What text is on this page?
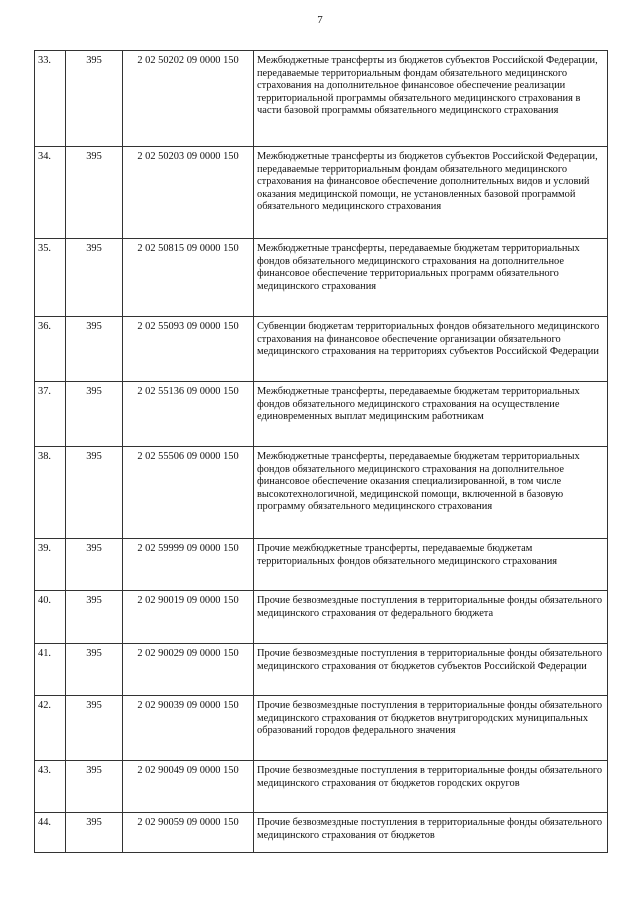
7
33.	395	2 02 50202 09 0000 150	Межбюджетные трансферты из бюджетов субъектов Российской Федерации, передаваемые территориальным фондам обязательного медицинского страхования на дополнительное финансовое обеспечение реализации территориальной программы обязательного медицинского страхования в части базовой программы обязательного медицинского страхования
34.	395	2 02 50203 09 0000 150	Межбюджетные трансферты из бюджетов субъектов Российской Федерации, передаваемые территориальным фондам обязательного медицинского страхования на финансовое обеспечение дополнительных видов и условий оказания медицинской помощи, не установленных базовой программой обязательного медицинского страхования
35.	395	2 02 50815 09 0000 150	Межбюджетные трансферты, передаваемые бюджетам территориальных фондов обязательного медицинского страхования на дополнительное финансовое обеспечение территориальных программ обязательного медицинского страхования
36.	395	2 02 55093 09 0000 150	Субвенции бюджетам территориальных фондов обязательного медицинского страхования на финансовое обеспечение организации обязательного медицинского страхования на территориях субъектов Российской Федерации
37.	395	2 02 55136 09 0000 150	Межбюджетные трансферты, передаваемые бюджетам территориальных фондов обязательного медицинского страхования на осуществление единовременных выплат медицинским работникам
38.	395	2 02 55506 09 0000 150	Межбюджетные трансферты, передаваемые бюджетам территориальных фондов обязательного медицинского страхования на дополнительное финансовое обеспечение оказания специализированной, в том числе высокотехнологичной, медицинской помощи, включенной в базовую программу обязательного медицинского страхования
39.	395	2 02 59999 09 0000 150	Прочие межбюджетные трансферты, передаваемые бюджетам территориальных фондов обязательного медицинского страхования
40.	395	2 02 90019 09 0000 150	Прочие безвозмездные поступления в территориальные фонды обязательного медицинского страхования от федерального бюджета
41.	395	2 02 90029 09 0000 150	Прочие безвозмездные поступления в территориальные фонды обязательного медицинского страхования от бюджетов субъектов Российской Федерации
42.	395	2 02 90039 09 0000 150	Прочие безвозмездные поступления в территориальные фонды обязательного медицинского страхования от бюджетов внутригородских муниципальных образований городов федерального значения
43.	395	2 02 90049 09 0000 150	Прочие безвозмездные поступления в территориальные фонды обязательного медицинского страхования от бюджетов городских округов
44.	395	2 02 90059 09 0000 150	Прочие безвозмездные поступления в территориальные фонды обязательного медицинского страхования от бюджетов
